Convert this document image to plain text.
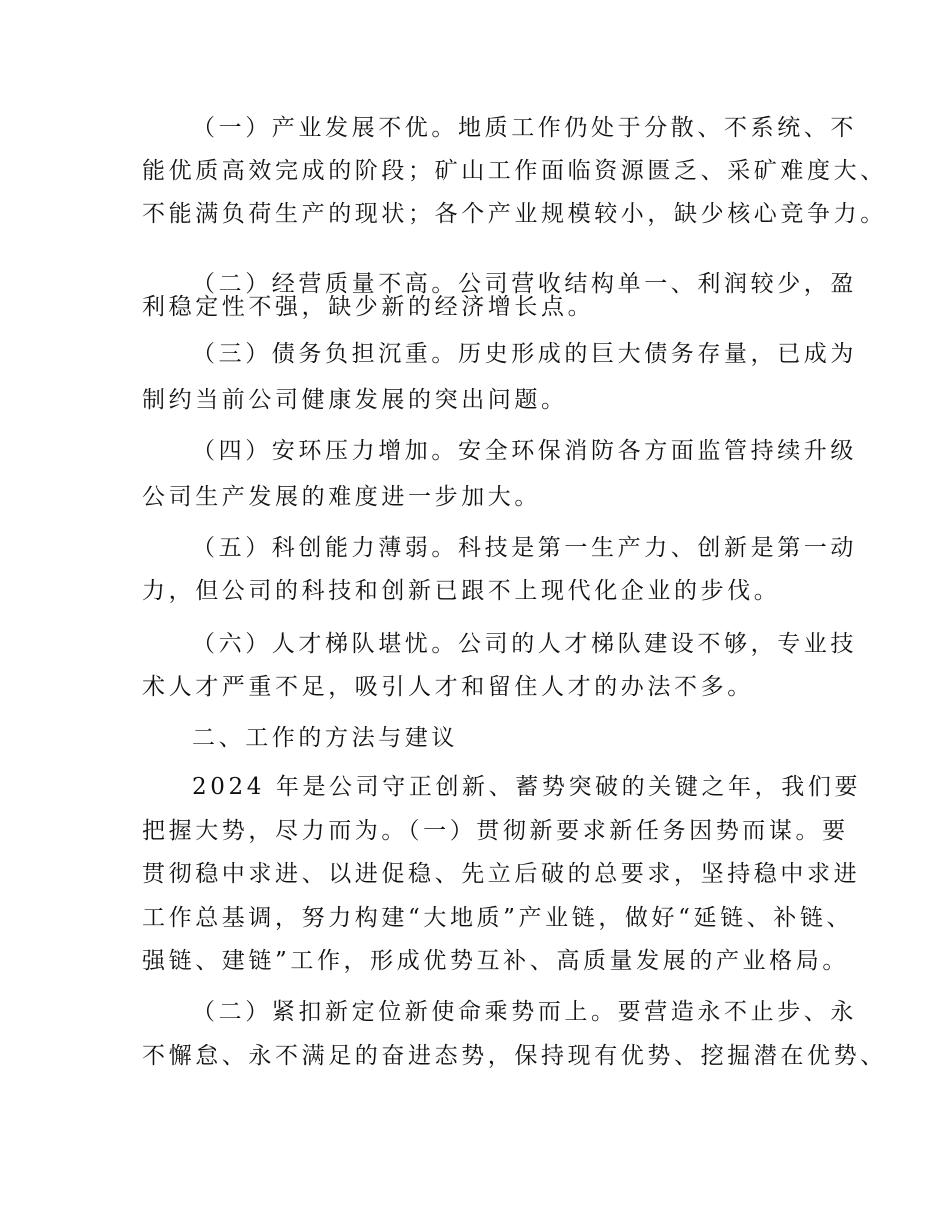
（一）产业发展不优。地质工作仍处于分散、不系统、不
能优质高效完成的阶段；矿山工作面临资源匮乏、采矿难度大、
不能满负荷生产的现状；各个产业规模较小，缺少核心竞争力。
（二）经营质量不高。公司营收结构单一、利润较少，盈
利稳定性不强，缺少新的经济增长点。
（三）债务负担沉重。历史形成的巨大债务存量，已成为
制约当前公司健康发展的突出问题。
（四）安环压力增加。安全环保消防各方面监管持续升级
公司生产发展的难度进一步加大。
（五）科创能力薄弱。科技是第一生产力、创新是第一动
力，但公司的科技和创新已跟不上现代化企业的步伐。
（六）人才梯队堪忧。公司的人才梯队建设不够，专业技
术人才严重不足，吸引人才和留住人才的办法不多。
二、工作的方法与建议
2024 年是公司守正创新、蓄势突破的关键之年，我们要
把握大势，尽力而为。（一）贯彻新要求新任务因势而谋。要
贯彻稳中求进、以进促稳、先立后破的总要求，坚持稳中求进
工作总基调，努力构建“大地质”产业链，做好“延链、补链、
强链、建链”工作，形成优势互补、高质量发展的产业格局。
（二）紧扣新定位新使命乘势而上。要营造永不止步、永
不懈怠、永不满足的奋进态势，保持现有优势、挖掘潜在优势、
